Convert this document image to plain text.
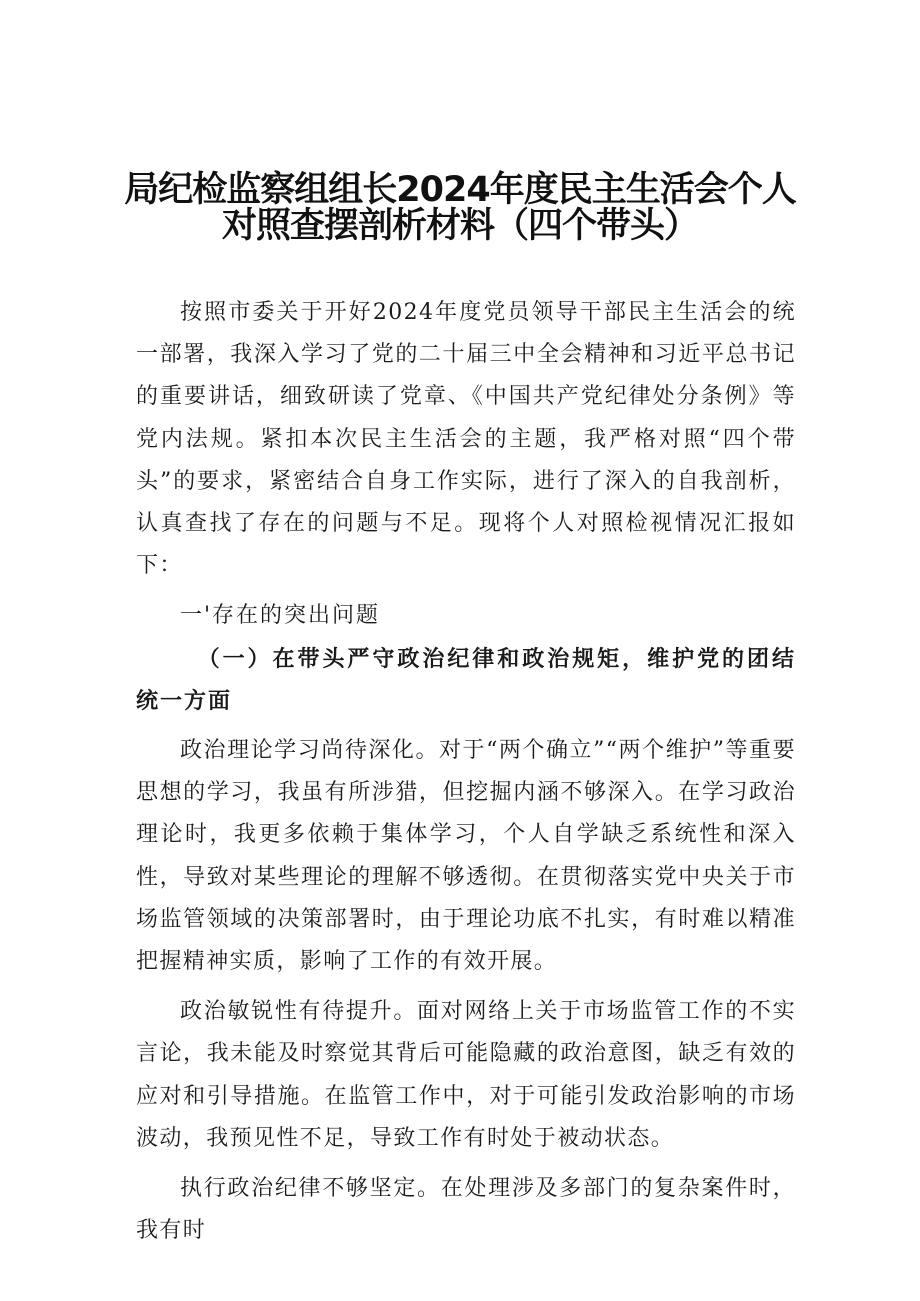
局纪检监察组组长2024年度民主生活会个人
对照查摆剖析材料（四个带头）

按照市委关于开好2024年度党员领导干部民主生活会的统一部署，我深入学习了党的二十届三中全会精神和习近平总书记的重要讲话，细致研读了党章、《中国共产党纪律处分条例》等党内法规。紧扣本次民主生活会的主题，我严格对照“四个带头”的要求，紧密结合自身工作实际，进行了深入的自我剖析，认真查找了存在的问题与不足。现将个人对照检视情况汇报如下：

一'存在的突出问题

（一）在带头严守政治纪律和政治规矩，维护党的团结统一方面

政治理论学习尚待深化。对于“两个确立”“两个维护”等重要思想的学习，我虽有所涉猎，但挖掘内涵不够深入。在学习政治理论时，我更多依赖于集体学习，个人自学缺乏系统性和深入性，导致对某些理论的理解不够透彻。在贯彻落实党中央关于市场监管领域的决策部署时，由于理论功底不扎实，有时难以精准把握精神实质，影响了工作的有效开展。

政治敏锐性有待提升。面对网络上关于市场监管工作的不实言论，我未能及时察觉其背后可能隐藏的政治意图，缺乏有效的应对和引导措施。在监管工作中，对于可能引发政治影响的市场波动，我预见性不足，导致工作有时处于被动状态。

执行政治纪律不够坚定。在处理涉及多部门的复杂案件时，我有时
